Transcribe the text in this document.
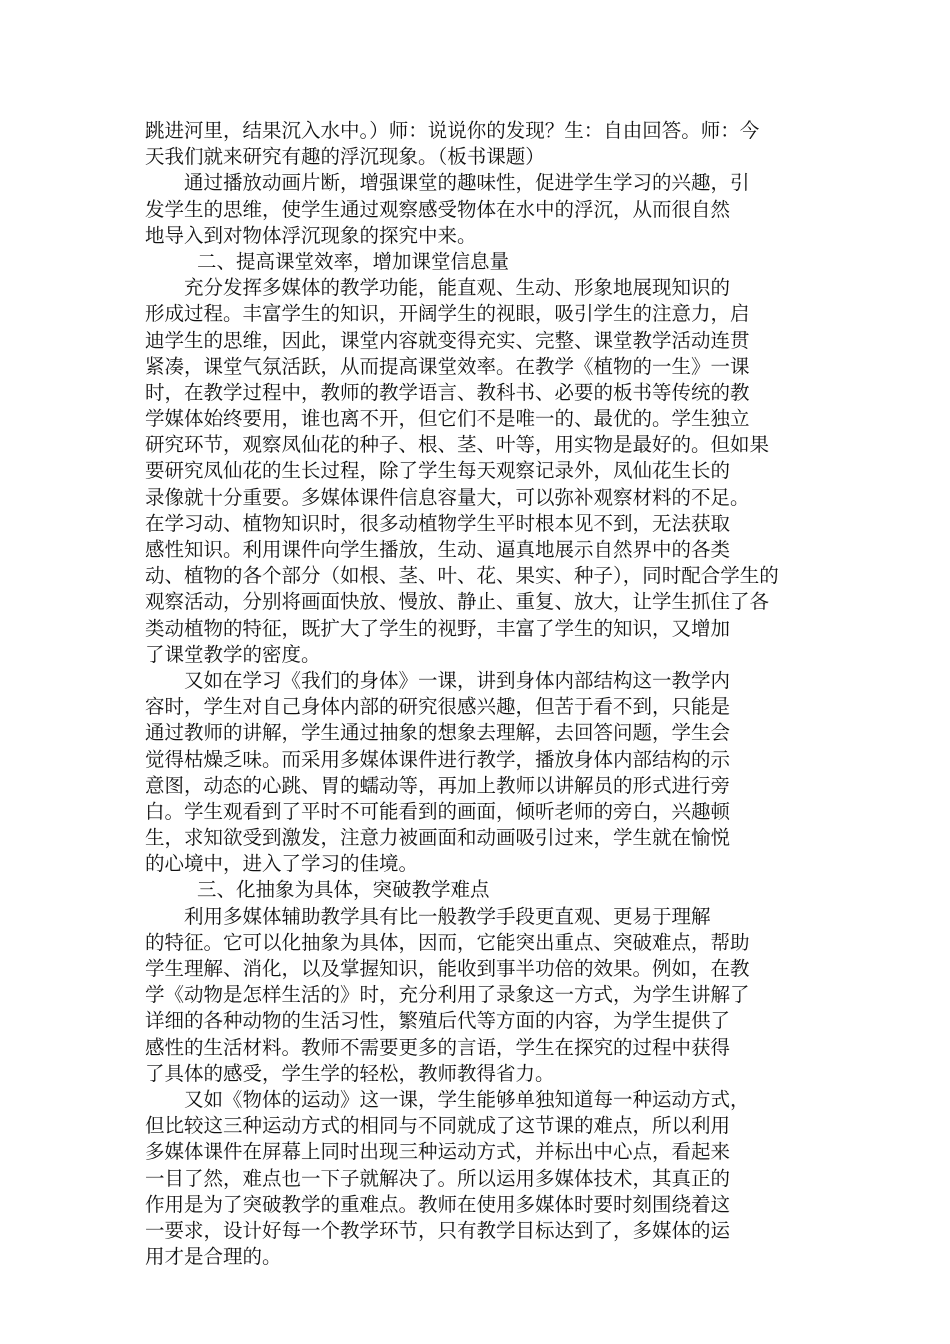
跳进河里，结果沉入水中。）师：说说你的发现？生：自由回答。师：今
天我们就来研究有趣的浮沉现象。（板书课题）
通过播放动画片断，增强课堂的趣味性，促进学生学习的兴趣，引
发学生的思维，使学生通过观察感受物体在水中的浮沉，从而很自然
地导入到对物体浮沉现象的探究中来。
二、提高课堂效率，增加课堂信息量
充分发挥多媒体的教学功能，能直观、生动、形象地展现知识的
形成过程。丰富学生的知识，开阔学生的视眼，吸引学生的注意力，启
迪学生的思维，因此，课堂内容就变得充实、完整、课堂教学活动连贯
紧凑，课堂气氛活跃，从而提高课堂效率。在教学《植物的一生》一课
时，在教学过程中，教师的教学语言、教科书、必要的板书等传统的教
学媒体始终要用，谁也离不开，但它们不是唯一的、最优的。学生独立
研究环节，观察凤仙花的种子、根、茎、叶等，用实物是最好的。但如果
要研究凤仙花的生长过程，除了学生每天观察记录外，凤仙花生长的
录像就十分重要。多媒体课件信息容量大，可以弥补观察材料的不足。
在学习动、植物知识时，很多动植物学生平时根本见不到，无法获取
感性知识。利用课件向学生播放，生动、逼真地展示自然界中的各类
动、植物的各个部分（如根、茎、叶、花、果实、种子），同时配合学生的
观察活动，分别将画面快放、慢放、静止、重复、放大，让学生抓住了各
类动植物的特征，既扩大了学生的视野，丰富了学生的知识，又增加
了课堂教学的密度。
又如在学习《我们的身体》一课，讲到身体内部结构这一教学内
容时，学生对自己身体内部的研究很感兴趣，但苦于看不到，只能是
通过教师的讲解，学生通过抽象的想象去理解，去回答问题，学生会
觉得枯燥乏味。而采用多媒体课件进行教学，播放身体内部结构的示
意图，动态的心跳、胃的蠕动等，再加上教师以讲解员的形式进行旁
白。学生观看到了平时不可能看到的画面，倾听老师的旁白，兴趣顿
生，求知欲受到激发，注意力被画面和动画吸引过来，学生就在愉悦
的心境中，进入了学习的佳境。
三、化抽象为具体，突破教学难点
利用多媒体辅助教学具有比一般教学手段更直观、更易于理解
的特征。它可以化抽象为具体，因而，它能突出重点、突破难点，帮助
学生理解、消化，以及掌握知识，能收到事半功倍的效果。例如，在教
学《动物是怎样生活的》时，充分利用了录象这一方式，为学生讲解了
详细的各种动物的生活习性，繁殖后代等方面的内容，为学生提供了
感性的生活材料。教师不需要更多的言语，学生在探究的过程中获得
了具体的感受，学生学的轻松，教师教得省力。
又如《物体的运动》这一课，学生能够单独知道每一种运动方式，
但比较这三种运动方式的相同与不同就成了这节课的难点，所以利用
多媒体课件在屏幕上同时出现三种运动方式，并标出中心点，看起来
一目了然，难点也一下子就解决了。所以运用多媒体技术，其真正的
作用是为了突破教学的重难点。教师在使用多媒体时要时刻围绕着这
一要求，设计好每一个教学环节，只有教学目标达到了，多媒体的运
用才是合理的。
